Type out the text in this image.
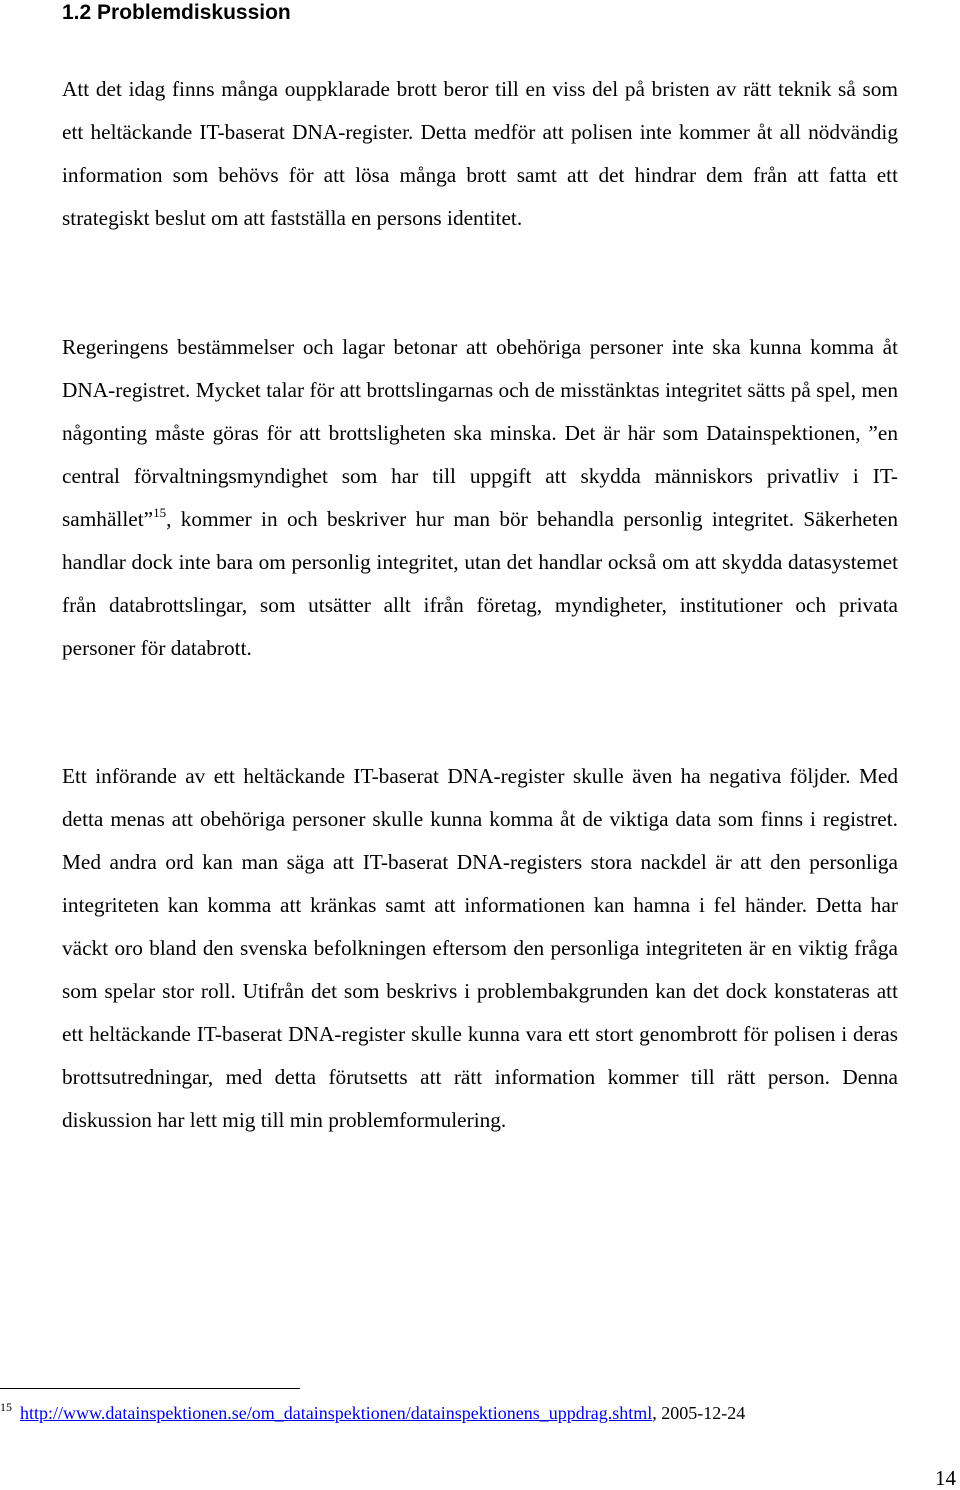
1.2 Problemdiskussion

Att det idag finns många ouppklarade brott beror till en viss del på bristen av rätt teknik så som ett heltäckande IT-baserat DNA-register. Detta medför att polisen inte kommer åt all nödvändig information som behövs för att lösa många brott samt att det hindrar dem från att fatta ett strategiskt beslut om att fastställa en persons identitet.

Regeringens bestämmelser och lagar betonar att obehöriga personer inte ska kunna komma åt DNA-registret. Mycket talar för att brottslingarnas och de misstänktas integritet sätts på spel, men någonting måste göras för att brottsligheten ska minska. Det är här som Datainspektionen, ”en central förvaltningsmyndighet som har till uppgift att skydda människors privatliv i IT-samhället”$^{15}$, kommer in och beskriver hur man bör behandla personlig integritet. Säkerheten handlar dock inte bara om personlig integritet, utan det handlar också om att skydda datasystemet från databrottslingar, som utsätter allt ifrån företag, myndigheter, institutioner och privata personer för databrott.

Ett införande av ett heltäckande IT-baserat DNA-register skulle även ha negativa följder. Med detta menas att obehöriga personer skulle kunna komma åt de viktiga data som finns i registret. Med andra ord kan man säga att IT-baserat DNA-registers stora nackdel är att den personliga integriteten kan komma att kränkas samt att informationen kan hamna i fel händer. Detta har väckt oro bland den svenska befolkningen eftersom den personliga integriteten är en viktig fråga som spelar stor roll. Utifrån det som beskrivs i problembakgrunden kan det dock konstateras att ett heltäckande IT-baserat DNA-register skulle kunna vara ett stort genombrott för polisen i deras brottsutredningar, med detta förutsetts att rätt information kommer till rätt person. Denna diskussion har lett mig till min problemformulering.

$^{15}$ http://www.datainspektionen.se/om_datainspektionen/datainspektionens_uppdrag.shtml, 2005-12-24
14
